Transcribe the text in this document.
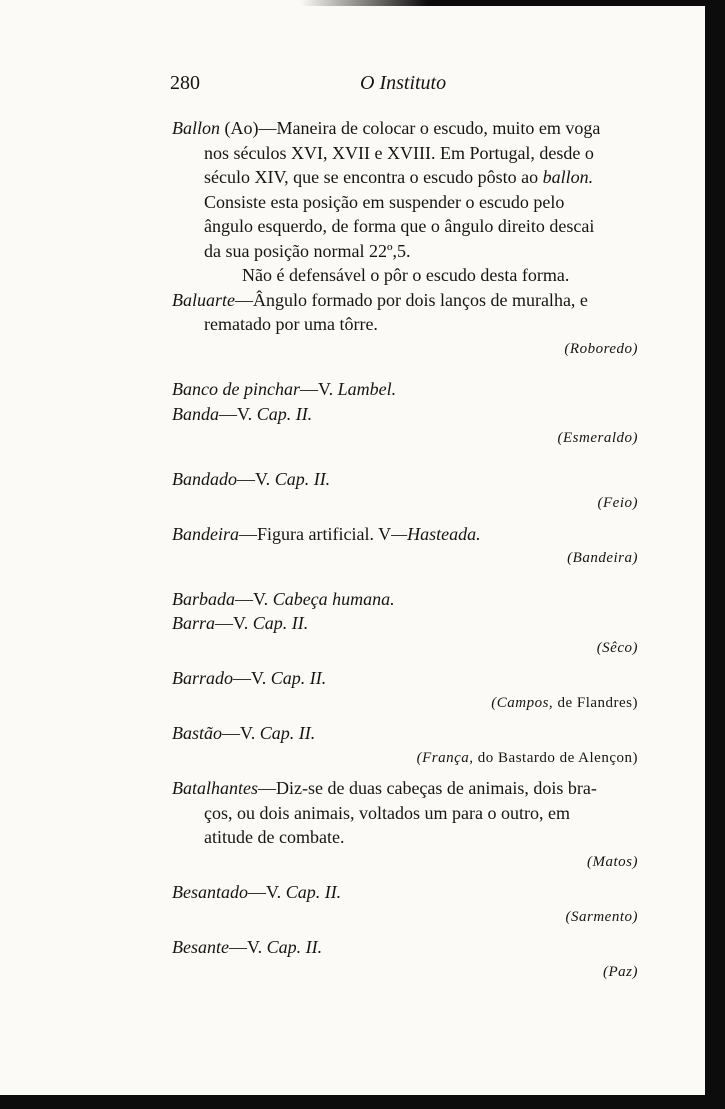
280	O Instituto

Ballon (Ao)—Maneira de colocar o escudo, muito em voga

nos séculos XVI, XVII e XVIII. Em Portugal, desde o

século XIV, que se encontra o escudo pôsto ao ballon.

Consiste esta posição em suspender o escudo pelo

ângulo esquerdo, de forma que o ângulo direito descai

da sua posição normal 22º,5.

Não é defensável o pôr o escudo desta forma.

Baluarte—Ângulo formado por dois lanços de muralha, e

rematado por uma tôrre.

(Roboredo)

Banco de pinchar—V. Lambel.

Banda—V. Cap. II.

(Esmeraldo)

Bandado—V. Cap. II.

(Feio)

Bandeira—Figura artificial. V—Hasteada.

(Bandeira)

Barbada—V. Cabeça humana.

Barra—V. Cap. II.

(Sêco)

Barrado—V. Cap. II.

(Campos, de Flandres)

Bastão—V. Cap. II.

(França, do Bastardo de Alençon)

Batalhantes—Diz-se de duas cabeças de animais, dois bra-

ços, ou dois animais, voltados um para o outro, em

atitude de combate.

(Matos)

Besantado—V. Cap. II.

(Sarmento)

Besante—V. Cap. II.

(Paz)
